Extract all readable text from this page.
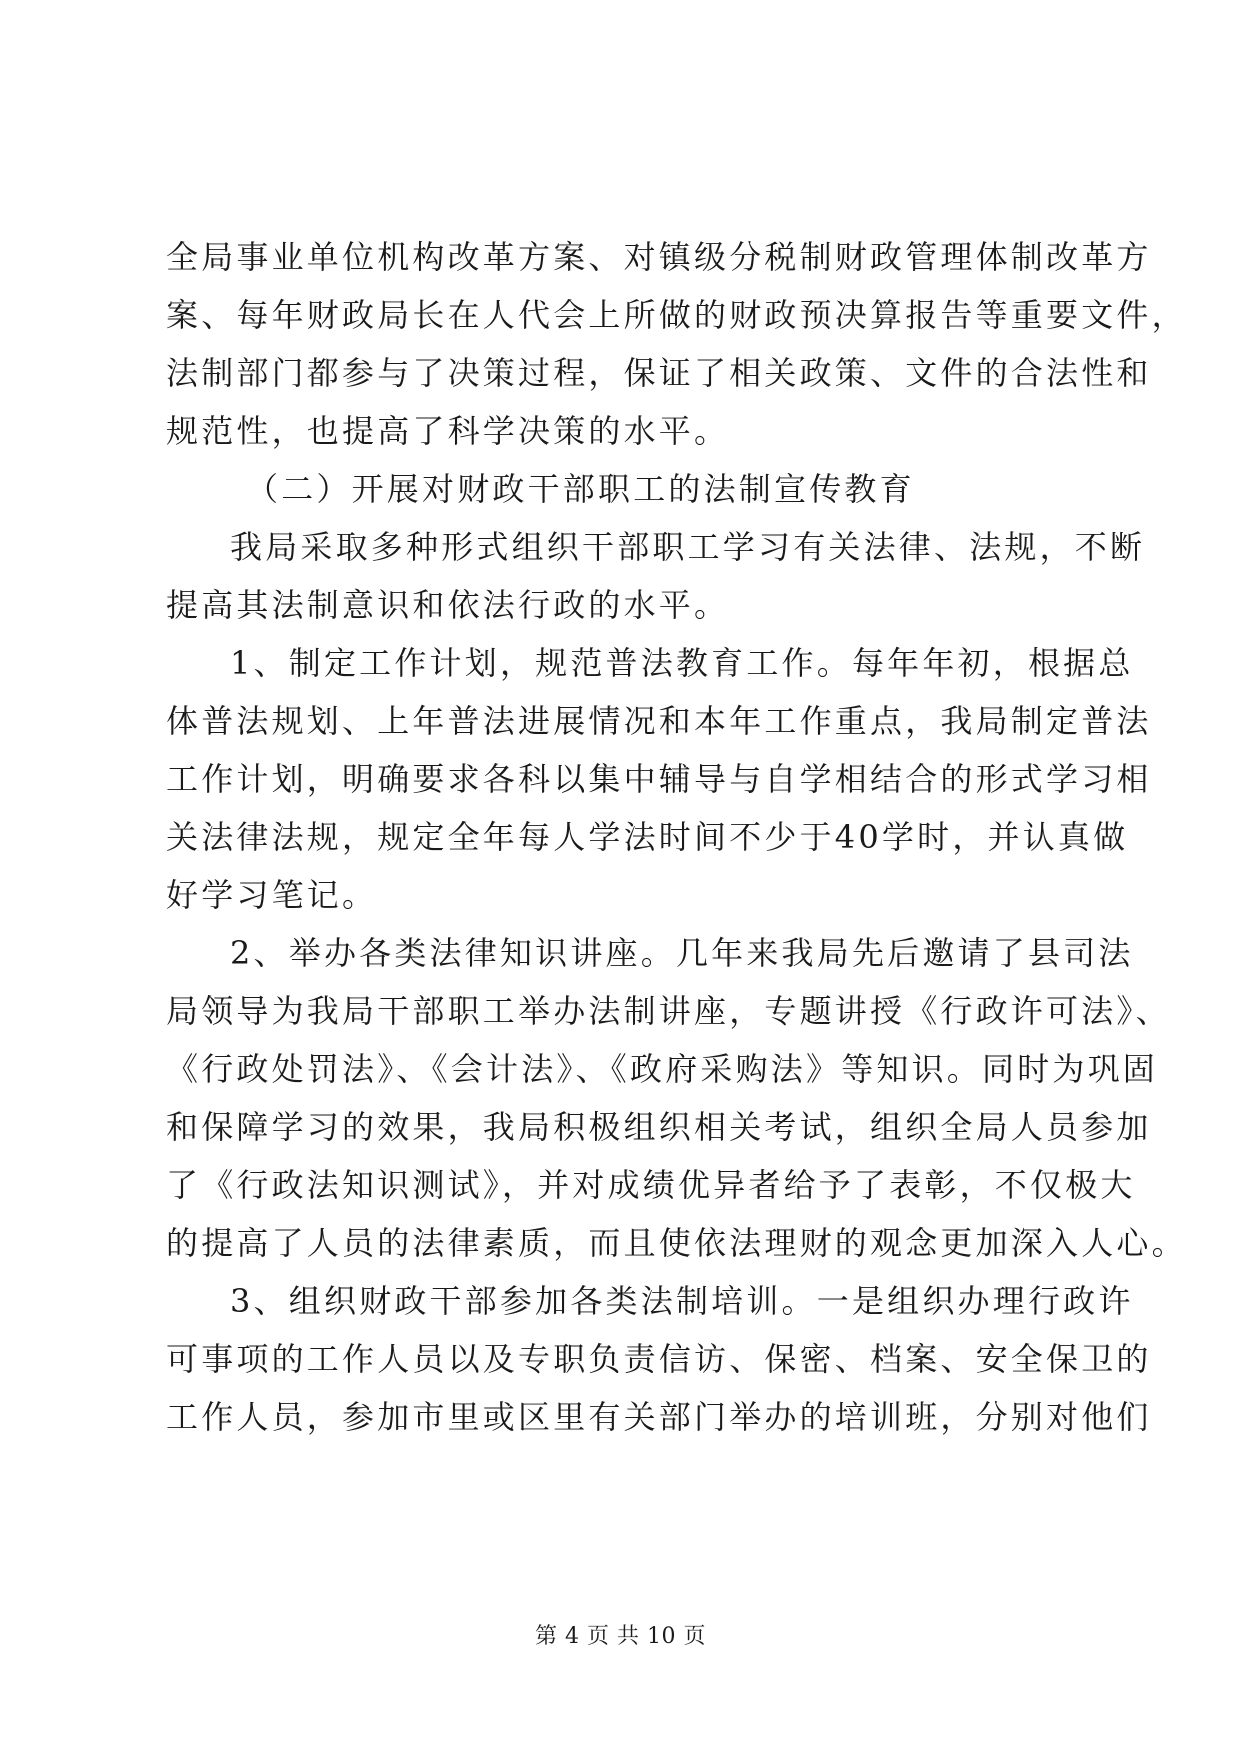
全局事业单位机构改革方案、对镇级分税制财政管理体制改革方
案、每年财政局长在人代会上所做的财政预决算报告等重要文件，
法制部门都参与了决策过程，保证了相关政策、文件的合法性和
规范性，也提高了科学决策的水平。
（二）开展对财政干部职工的法制宣传教育
我局采取多种形式组织干部职工学习有关法律、法规，不断
提高其法制意识和依法行政的水平。
1、制定工作计划，规范普法教育工作。每年年初，根据总
体普法规划、上年普法进展情况和本年工作重点，我局制定普法
工作计划，明确要求各科以集中辅导与自学相结合的形式学习相
关法律法规，规定全年每人学法时间不少于40学时，并认真做
好学习笔记。
2、举办各类法律知识讲座。几年来我局先后邀请了县司法
局领导为我局干部职工举办法制讲座，专题讲授《行政许可法》、
《行政处罚法》、《会计法》、《政府采购法》等知识。同时为巩固
和保障学习的效果，我局积极组织相关考试，组织全局人员参加
了《行政法知识测试》，并对成绩优异者给予了表彰，不仅极大
的提高了人员的法律素质，而且使依法理财的观念更加深入人心。
3、组织财政干部参加各类法制培训。一是组织办理行政许
可事项的工作人员以及专职负责信访、保密、档案、安全保卫的
工作人员，参加市里或区里有关部门举办的培训班，分别对他们
第 4 页 共 10 页
